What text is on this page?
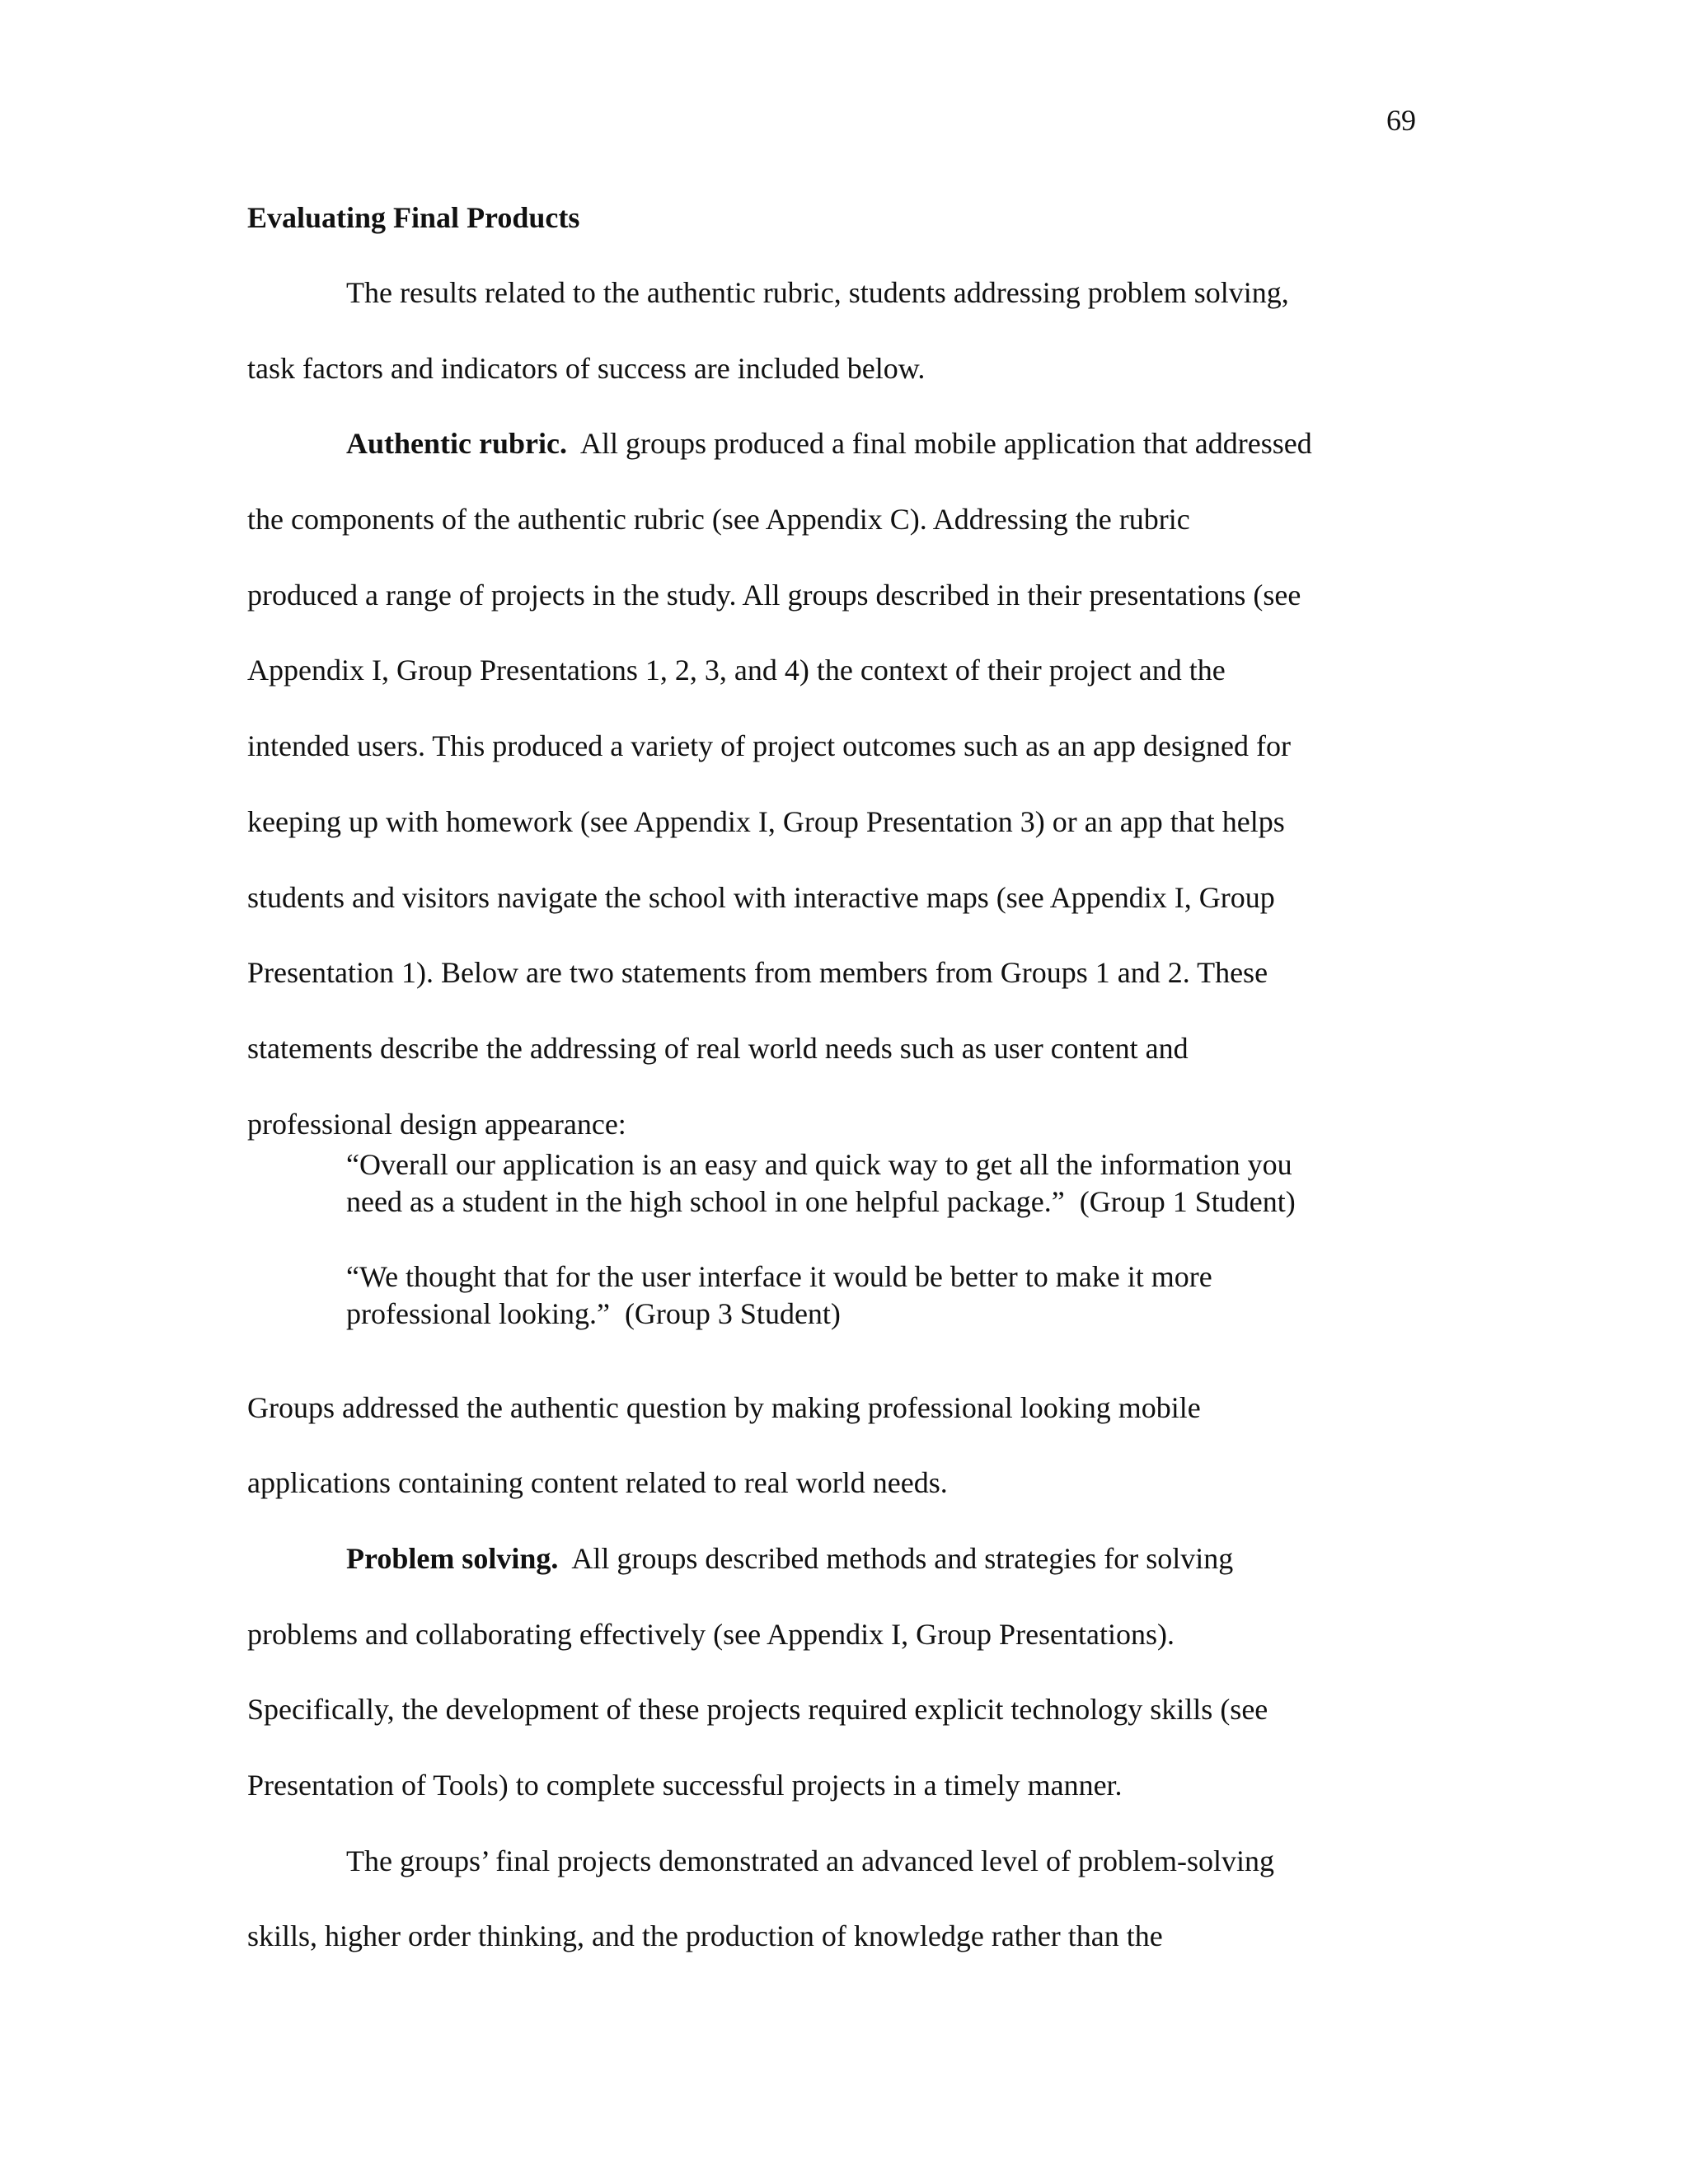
69
Evaluating Final Products
The results related to the authentic rubric, students addressing problem solving,
task factors and indicators of success are included below.
Authentic rubric.  All groups produced a final mobile application that addressed
the components of the authentic rubric (see Appendix C). Addressing the rubric
produced a range of projects in the study. All groups described in their presentations (see
Appendix I, Group Presentations 1, 2, 3, and 4) the context of their project and the
intended users. This produced a variety of project outcomes such as an app designed for
keeping up with homework (see Appendix I, Group Presentation 3) or an app that helps
students and visitors navigate the school with interactive maps (see Appendix I, Group
Presentation 1). Below are two statements from members from Groups 1 and 2. These
statements describe the addressing of real world needs such as user content and
professional design appearance:
“Overall our application is an easy and quick way to get all the information you
need as a student in the high school in one helpful package.”  (Group 1 Student)
“We thought that for the user interface it would be better to make it more
professional looking.”  (Group 3 Student)
Groups addressed the authentic question by making professional looking mobile
applications containing content related to real world needs.
Problem solving.  All groups described methods and strategies for solving
problems and collaborating effectively (see Appendix I, Group Presentations).
Specifically, the development of these projects required explicit technology skills (see
Presentation of Tools) to complete successful projects in a timely manner.
The groups’ final projects demonstrated an advanced level of problem-solving
skills, higher order thinking, and the production of knowledge rather than the
